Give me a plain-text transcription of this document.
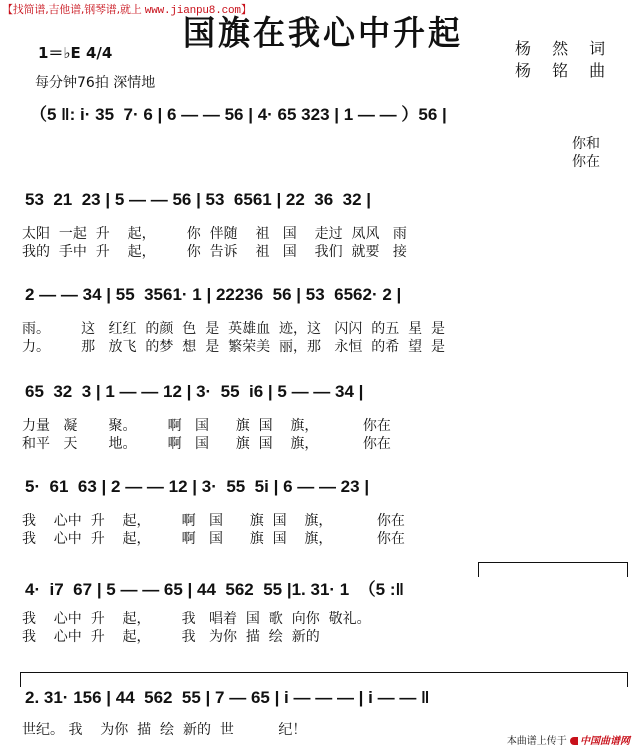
【找简谱,吉他谱,钢琴谱,就上 www.jianpu8.com】
国旗在我心中升起
1＝♭E 4/4
每分钟76拍 深情地
杨 然 词
杨 铭 曲
（5 ‖: i· 35  7· 6 | 6 — — 56 | 4· 65 323 | 1 — — ）56 |
你和
你在
53  21  23 | 5 — — 56 | 53  6561 | 22  36  32 |
太阳  一起  升    起，       你  伴随    祖   国    走过  凤风   雨
我的  手中  升    起，       你  告诉    祖   国    我们  就要   接
2 — — 34 | 55  3561· 1 | 22236  56 | 53  6562· 2 |
雨。       这   红红  的颜  色  是  英雄血  迹，这   闪闪  的五  星  是
力。       那   放飞  的梦  想  是  繁荣美  丽，那   永恒  的希  望  是
65  32  3 | 1 — — 12 | 3·  55  i6 | 5 — — 34 |
力量   凝       聚。       啊   国      旗  国    旗，          你在
和平   天       地。       啊   国      旗  国    旗，          你在
5·  61  63 | 2 — — 12 | 3·  55  5i | 6 — — 23 |
我    心中  升    起，       啊   国      旗  国    旗，          你在
我    心中  升    起，       啊   国      旗  国    旗，          你在
4·  i7  67 | 5 — — 65 | 44  562  55 |1. 31· 1  （5 :‖
我    心中  升    起，       我   唱着  国  歌  向你  敬礼。
我    心中  升    起，       我   为你  描  绘  新的
2. 31· 156 | 44  562  55 | 7 — 65 | i — — — | i — — ‖
世纪。 我    为你  描  绘  新的  世          纪！
本曲谱上传于 中国曲谱网
